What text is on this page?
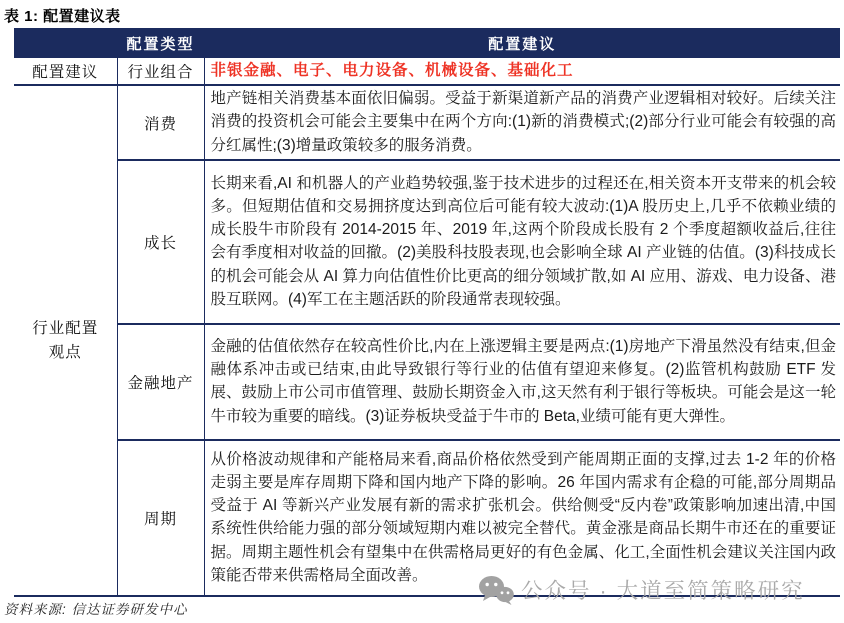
表 1: 配置建议表
	配置类型	配置建议
配置建议	行业组合	非银金融、电子、电力设备、机械设备、基础化工
行业配置观点	消费	地产链相关消费基本面依旧偏弱。受益于新渠道新产品的消费产业逻辑相对较好。后续关注消费的投资机会可能会主要集中在两个方向:(1)新的消费模式;(2)部分行业可能会有较强的高分红属性;(3)增量政策较多的服务消费。
	成长	长期来看,AI 和机器人的产业趋势较强,鉴于技术进步的过程还在,相关资本开支带来的机会较多。但短期估值和交易拥挤度达到高位后可能有较大波动:(1)A 股历史上,几乎不依赖业绩的成长股牛市阶段有 2014-2015 年、2019 年,这两个阶段成长股有 2 个季度超额收益后,往往会有季度相对收益的回撤。(2)美股科技股表现,也会影响全球 AI 产业链的估值。(3)科技成长的机会可能会从 AI 算力向估值性价比更高的细分领域扩散,如 AI 应用、游戏、电力设备、港股互联网。(4)军工在主题活跃的阶段通常表现较强。
	金融地产	金融的估值依然存在较高性价比,内在上涨逻辑主要是两点:(1)房地产下滑虽然没有结束,但金融体系冲击或已结束,由此导致银行等行业的估值有望迎来修复。(2)监管机构鼓励 ETF 发展、鼓励上市公司市值管理、鼓励长期资金入市,这天然有利于银行等板块。可能会是这一轮牛市较为重要的暗线。(3)证券板块受益于牛市的 Beta,业绩可能有更大弹性。
	周期	从价格波动规律和产能格局来看,商品价格依然受到产能周期正面的支撑,过去 1-2 年的价格走弱主要是库存周期下降和国内地产下降的影响。26 年国内需求有企稳的可能,部分周期品受益于 AI 等新兴产业发展有新的需求扩张机会。供给侧受“反内卷”政策影响加速出清,中国系统性供给能力强的部分领域短期内难以被完全替代。黄金涨是商品长期牛市还在的重要证据。周期主题性机会有望集中在供需格局更好的有色金属、化工,全面性机会建议关注国内政策能否带来供需格局全面改善。
资料来源: 信达证券研发中心
公众号 · 大道至简策略研究
